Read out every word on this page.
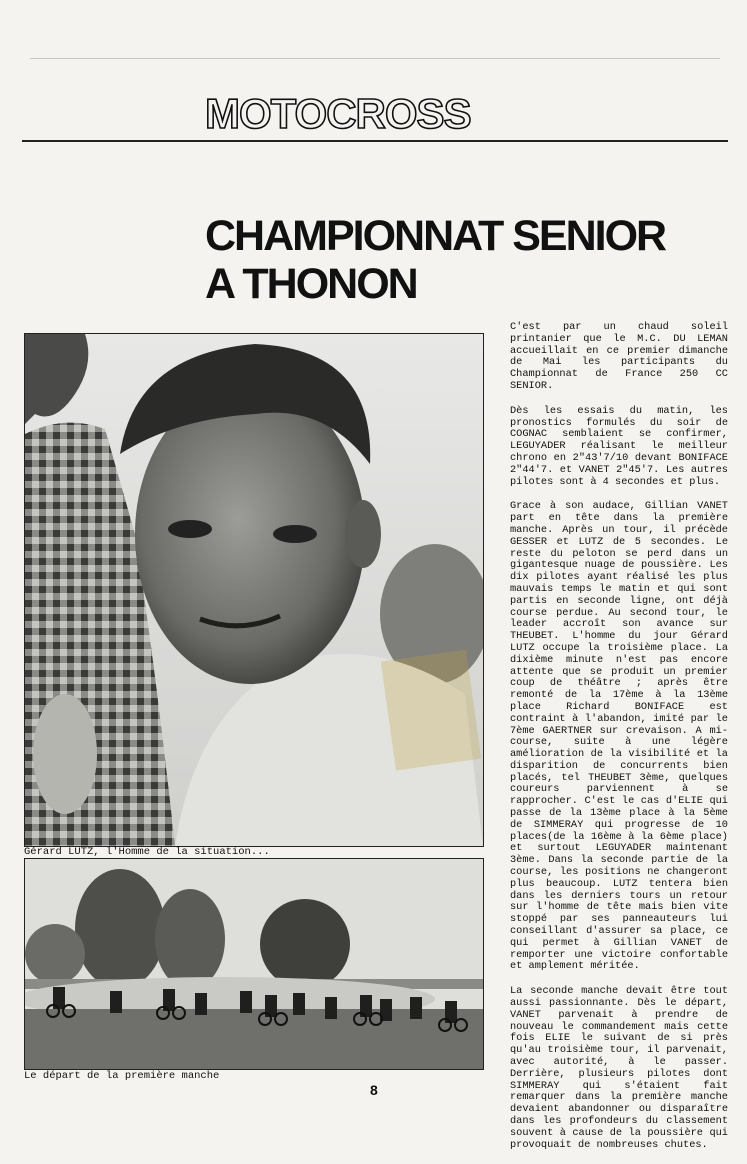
MOTOCROSS
CHAMPIONNAT SENIOR
A THONON
Gérard LUTZ, l'Homme de la situation...
Le départ de la première manche

C'est par un chaud soleil printanier que le M.C. DU LEMAN accueillait en ce premier dimanche de Mai les participants du Championnat de France 250 CC SENIOR.

Dès les essais du matin, les pronostics formulés du soir de COGNAC semblaient se confirmer, LEGUYADER réalisant le meilleur chrono en 2"43'7/10 devant BONIFACE 2"44'7. et VANET 2"45'7. Les autres pilotes sont à 4 secondes et plus.

Grace à son audace, Gillian VANET part en tête dans la première manche. Après un tour, il précède GESSER et LUTZ de 5 secondes. Le reste du peloton se perd dans un gigantesque nuage de poussière. Les dix pilotes ayant réalisé les plus mauvais temps le matin et qui sont partis en seconde ligne, ont déjà course perdue. Au second tour, le leader accroît son avance sur THEUBET. L'homme du jour Gérard LUTZ occupe la troisième place. La dixième minute n'est pas encore attente que se produit un premier coup de théâtre ; après être remonté de la 17ème à la 13ème place Richard BONIFACE est contraint à l'abandon, imité par le 7ème GAERTNER sur crevaison. A mi-course, suite à une légère amélioration de la visibilité et la disparition de concurrents bien placés, tel THEUBET 3ème, quelques coureurs parviennent à se rapprocher. C'est le cas d'ELIE qui passe de la 13ème place à la 5ème de SIMMERAY qui progresse de 10 places(de la 16ème à la 6ème place) et surtout LEGUYADER maintenant 3ème. Dans la seconde partie de la course, les positions ne changeront plus beaucoup. LUTZ tentera bien dans les derniers tours un retour sur l'homme de tête mais bien vite stoppé par ses panneauteurs lui conseillant d'assurer sa place, ce qui permet à Gillian VANET de remporter une victoire confortable et amplement méritée.

La seconde manche devait être tout aussi passionnante. Dès le départ, VANET parvenait à prendre de nouveau le commandement mais cette fois ELIE le suivant de si près qu'au troisième tour, il parvenait, avec autorité, à le passer. Derrière, plusieurs pilotes dont SIMMERAY qui s'étaient fait remarquer dans la première manche devaient abandonner ou disparaître dans les profondeurs du classement souvent à cause de la poussière qui provoquait de nombreuses chutes.

8
